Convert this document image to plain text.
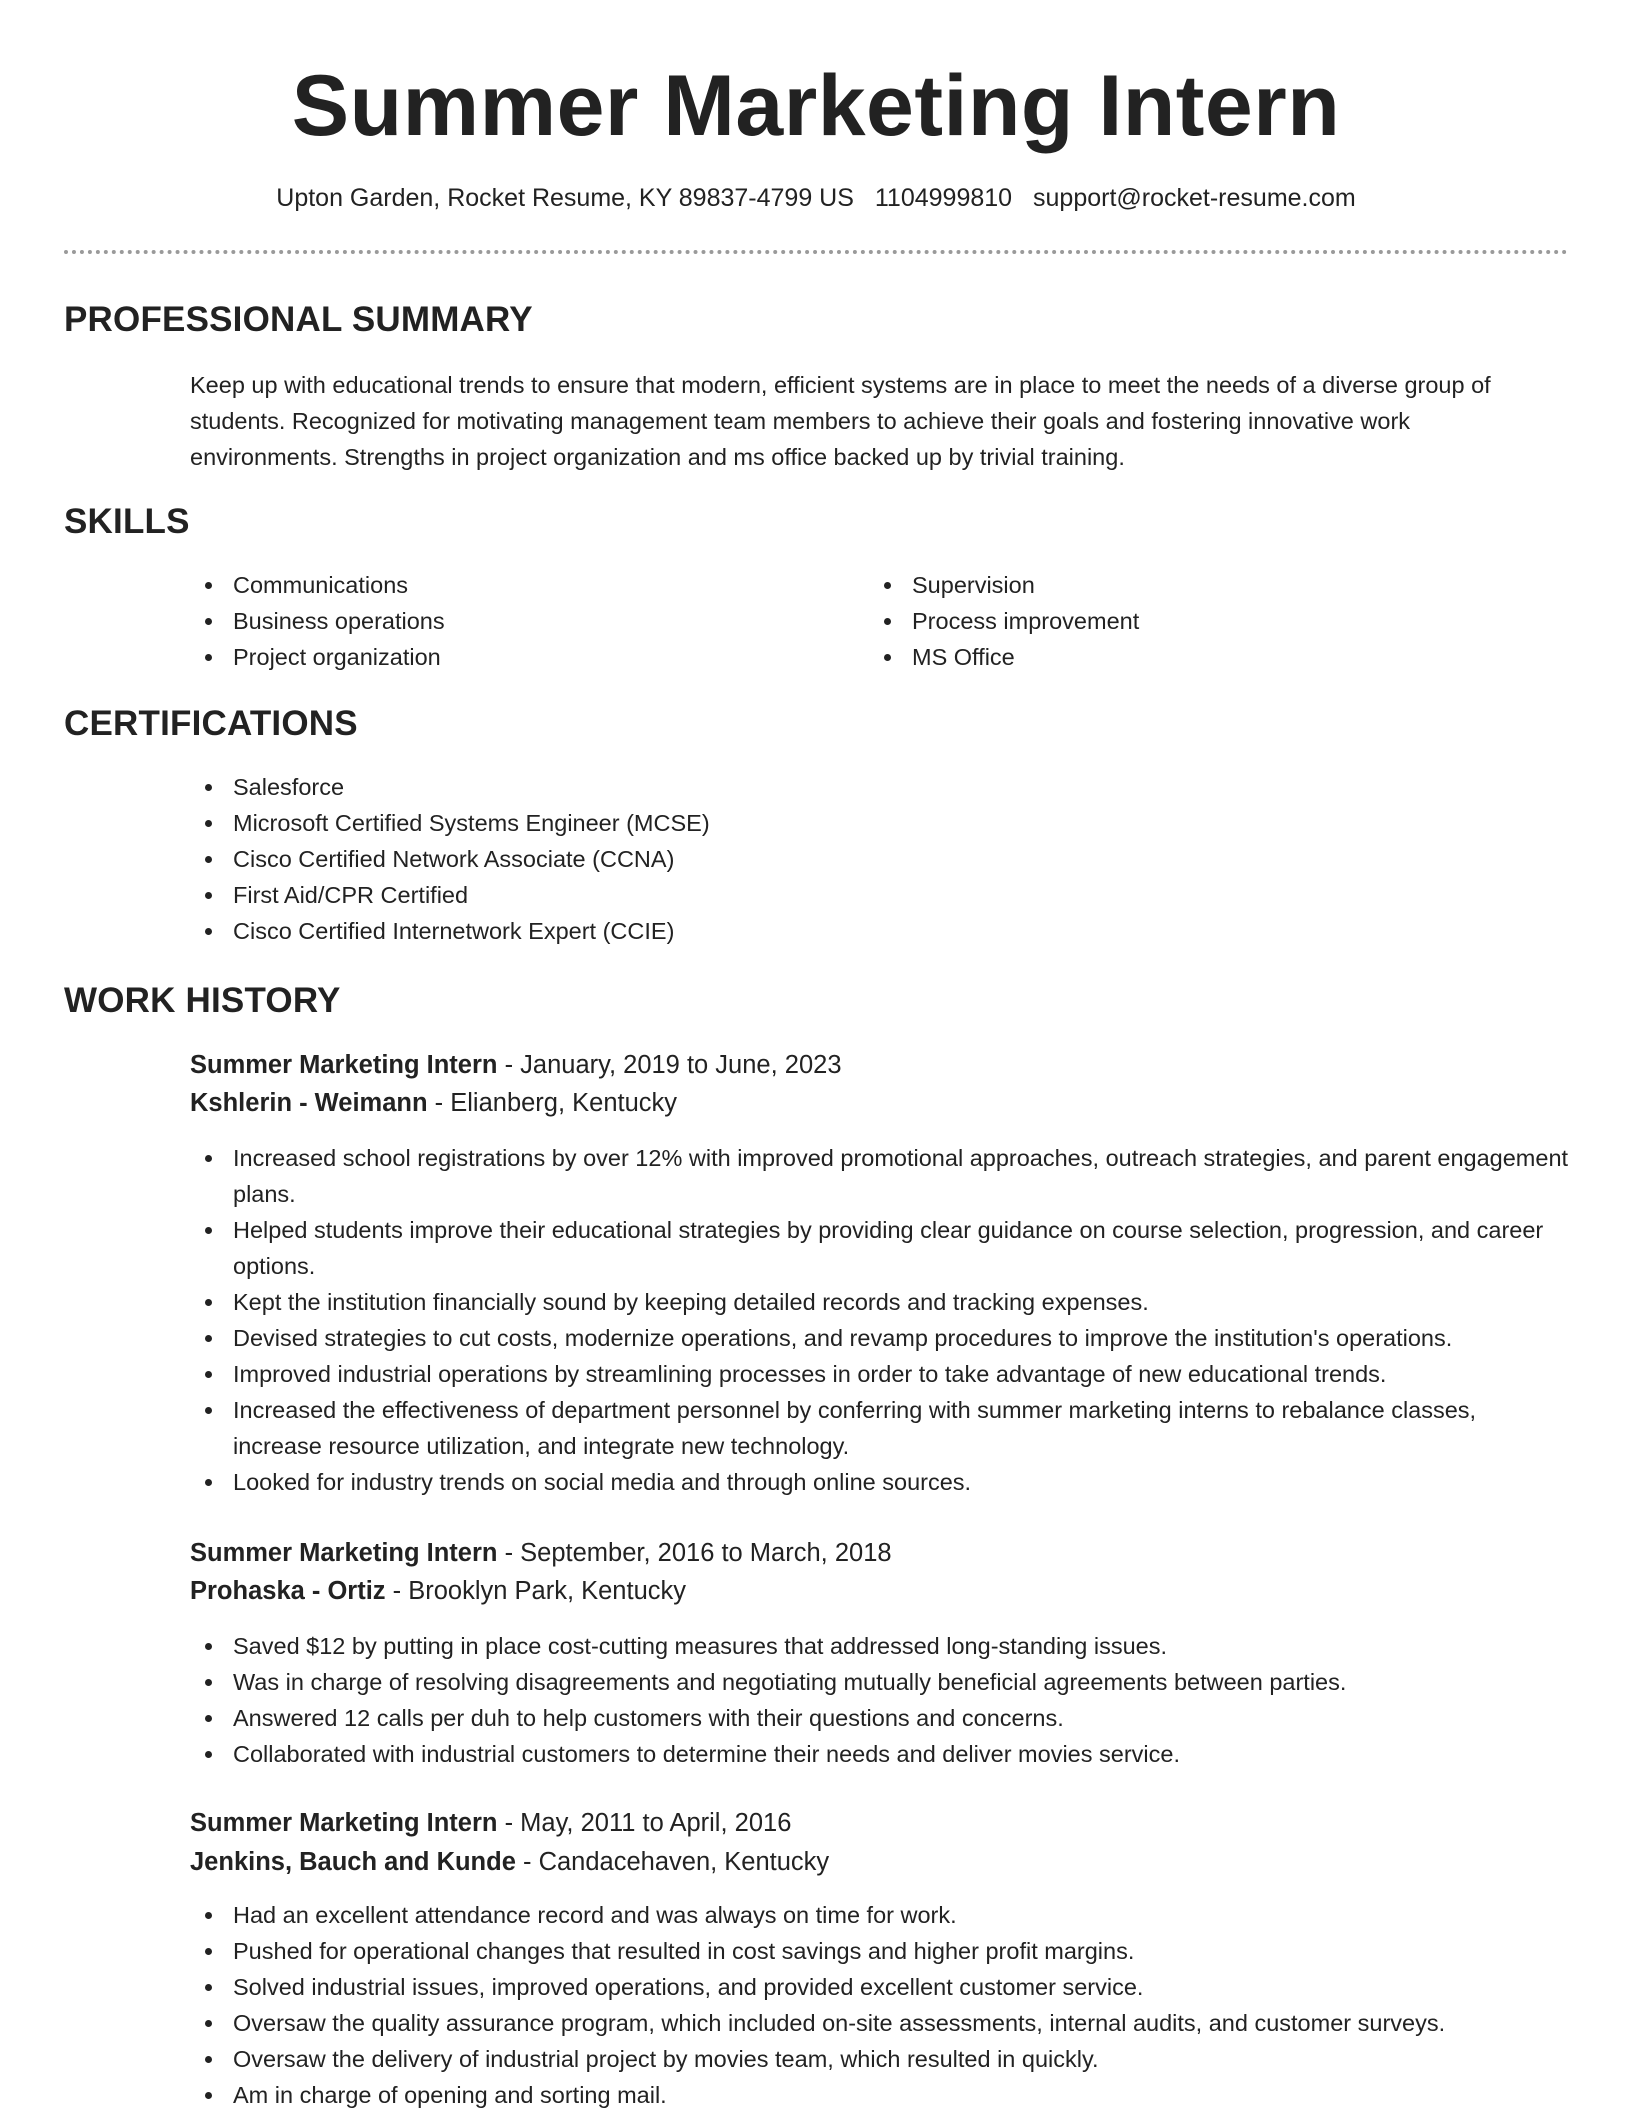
Summer Marketing Intern
Upton Garden, Rocket Resume, KY 89837-4799 US 1104999810 support@rocket-resume.com
PROFESSIONAL SUMMARY
Keep up with educational trends to ensure that modern, efficient systems are in place to meet the needs of a diverse group of students. Recognized for motivating management team members to achieve their goals and fostering innovative work environments. Strengths in project organization and ms office backed up by trivial training.
SKILLS
Communications
Business operations
Project organization
Supervision
Process improvement
MS Office
CERTIFICATIONS
Salesforce
Microsoft Certified Systems Engineer (MCSE)
Cisco Certified Network Associate (CCNA)
First Aid/CPR Certified
Cisco Certified Internetwork Expert (CCIE)
WORK HISTORY
Summer Marketing Intern - January, 2019 to June, 2023
Kshlerin - Weimann - Elianberg, Kentucky
Increased school registrations by over 12% with improved promotional approaches, outreach strategies, and parent engagement plans.
Helped students improve their educational strategies by providing clear guidance on course selection, progression, and career options.
Kept the institution financially sound by keeping detailed records and tracking expenses.
Devised strategies to cut costs, modernize operations, and revamp procedures to improve the institution's operations.
Improved industrial operations by streamlining processes in order to take advantage of new educational trends.
Increased the effectiveness of department personnel by conferring with summer marketing interns to rebalance classes, increase resource utilization, and integrate new technology.
Looked for industry trends on social media and through online sources.
Summer Marketing Intern - September, 2016 to March, 2018
Prohaska - Ortiz - Brooklyn Park, Kentucky
Saved $12 by putting in place cost-cutting measures that addressed long-standing issues.
Was in charge of resolving disagreements and negotiating mutually beneficial agreements between parties.
Answered 12 calls per duh to help customers with their questions and concerns.
Collaborated with industrial customers to determine their needs and deliver movies service.
Summer Marketing Intern - May, 2011 to April, 2016
Jenkins, Bauch and Kunde - Candacehaven, Kentucky
Had an excellent attendance record and was always on time for work.
Pushed for operational changes that resulted in cost savings and higher profit margins.
Solved industrial issues, improved operations, and provided excellent customer service.
Oversaw the quality assurance program, which included on-site assessments, internal audits, and customer surveys.
Oversaw the delivery of industrial project by movies team, which resulted in quickly.
Am in charge of opening and sorting mail.
